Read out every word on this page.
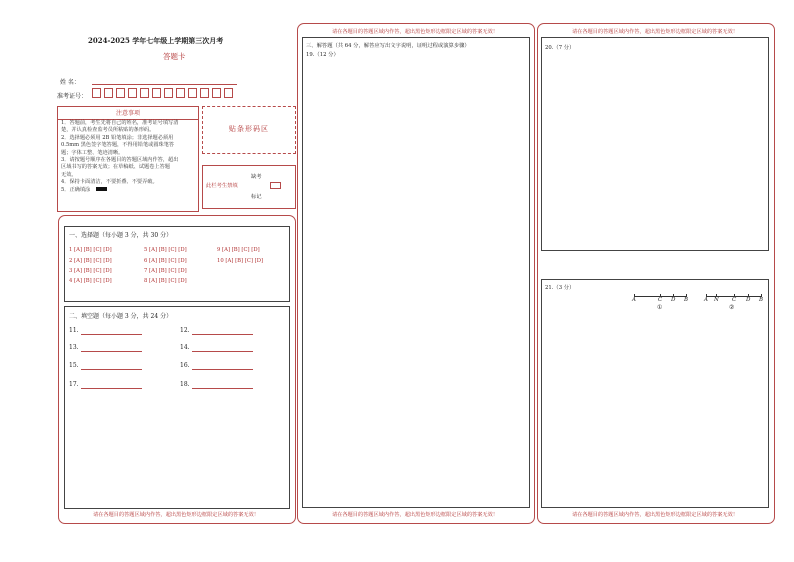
2024-2025 学年七年级上学期第三次月考
答题卡
姓 名：
准考证号：
注意事项
1．答题前，考生先将自己的姓名，准考证号填写清
楚，并认真检查监考员所粘贴的条形码。
2．选择题必须用 2B 铅笔填涂；非选择题必须用
0.5mm 黑色签字笔答题，不得用铅笔或圆珠笔答
题；字体工整、笔迹清晰。
3．请按题号顺序在各题目的答题区域内作答，超出
区域书写的答案无效；在草稿纸、试题卷上答题
无效。
4．保持卡面清洁，不要折叠、不要弄破。
5．正确填涂
贴条形码区
缺考
此栏考生禁填
标记
一、选择题（每小题 3 分，共 30 分）
1 [A] [B] [C] [D]	5 [A] [B] [C] [D]	9 [A] [B] [C] [D]
2 [A] [B] [C] [D]	6 [A] [B] [C] [D]	10 [A] [B] [C] [D]
3 [A] [B] [C] [D]	7 [A] [B] [C] [D]
4 [A] [B] [C] [D]	8 [A] [B] [C] [D]
二、填空题（每小题 3 分，共 24 分）
11.	12.
13.	14.
15.	16.
17.	18.
请在各题目的答题区域内作答，超出黑色矩形边框限定区域的答案无效！
请在各题目的答题区域内作答，超出黑色矩形边框限定区域的答案无效！
三、解答题（共 64 分，解答应写出文字说明，证明过程或演算步骤）
19.（12 分）
请在各题目的答题区域内作答，超出黑色矩形边框限定区域的答案无效！
请在各题目的答题区域内作答，超出黑色矩形边框限定区域的答案无效！
20.（7 分）
21.（3 分）
A	C D B
①
A N C D B
②
请在各题目的答题区域内作答，超出黑色矩形边框限定区域的答案无效！
